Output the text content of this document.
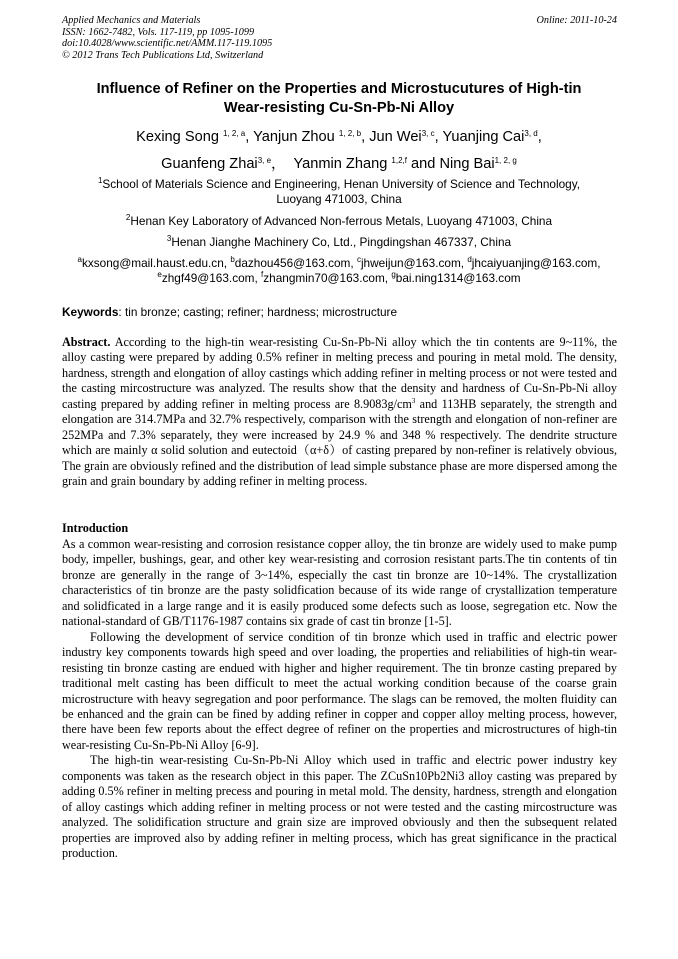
Applied Mechanics and Materials
ISSN: 1662-7482, Vols. 117-119, pp 1095-1099
doi:10.4028/www.scientific.net/AMM.117-119.1095
© 2012 Trans Tech Publications Ltd, Switzerland
Online: 2011-10-24
Influence of Refiner on the Properties and Microstucutures of High-tin
Wear-resisting Cu-Sn-Pb-Ni Alloy
Kexing Song $^{1, 2, a}$, Yanjun Zhou $^{1, 2, b}$, Jun Wei$^{3, c}$, Yuanjing Cai$^{3, d}$,
Guanfeng Zhai$^{3, e}$，  Yanmin Zhang $^{1,2,f}$ and Ning Bai$^{1, 2, g}$
$^1$School of Materials Science and Engineering, Henan University of Science and Technology,
Luoyang 471003, China
$^2$Henan Key Laboratory of Advanced Non-ferrous Metals, Luoyang 471003, China
$^3$Henan Jianghe Machinery Co, Ltd., Pingdingshan 467337, China
$^a$kxsong@mail.haust.edu.cn, $^b$dazhou456@163.com, $^c$jhweijun@163.com, $^d$jhcaiyuanjing@163.com,
$^e$zhgf49@163.com, $^f$zhangmin70@163.com, $^g$bai.ning1314@163.com
Keywords: tin bronze; casting; refiner; hardness; microstructure
Abstract. According to the high-tin wear-resisting Cu-Sn-Pb-Ni alloy which the tin contents are 9~11%, the alloy casting were prepared by adding 0.5% refiner in melting precess and pouring in metal mold. The density, hardness, strength and elongation of alloy castings which adding refiner in melting process or not were tested and the casting mircostructure was analyzed. The results show that the density and hardness of Cu-Sn-Pb-Ni alloy casting prepared by adding refiner in melting process are $8.9083g/cm^3$ and 113HB separately, the strength and elongation are 314.7MPa and 32.7% respectively, comparison with the strength and elongation of non-refiner are 252MPa and 7.3% separately, they were increased by 24.9 % and 348 % respectively. The dendrite structure which are mainly α solid solution and eutectoid（α+δ）of casting prepared by non-refiner is relatively obvious, The grain are obviously refined and the distribution of lead simple substance phase are more dispersed among the grain and grain boundary by adding refiner in melting process.
Introduction

As a common wear-resisting and corrosion resistance copper alloy, the tin bronze are widely used to make pump body, impeller, bushings, gear, and other key wear-resisting and corrosion resistant parts.The tin contents of tin bronze are generally in the range of 3~14%, especially the cast tin bronze are 10~14%. The crystallization characteristics of tin bronze are the pasty solidfication because of its wide range of crystallization temperature and solidficated in a large range and it is easily produced some defects such as loose, segregation etc. Now the national-standard of GB/T1176-1987 contains six grade of cast tin bronze [1-5].

Following the development of service condition of tin bronze which used in traffic and electric power industry key components towards high speed and over loading, the properties and reliabilities of high-tin wear-resisting tin bronze casting are endued with higher and higher requirement. The tin bronze casting prepared by traditional melt casting has been difficult to meet the actual working condition because of the coarse grain microstructure with heavy segregation and poor performance. The slags can be removed, the molten fluidity can be enhanced and the grain can be fined by adding refiner in copper and copper alloy melting process, however, there have been few reports about the effect degree of refiner on the properties and microstructures of high-tin wear-resisting Cu-Sn-Pb-Ni Alloy [6-9].

The high-tin wear-resisting Cu-Sn-Pb-Ni Alloy which used in traffic and electric power industry key components was taken as the research object in this paper. The ZCuSn10Pb2Ni3 alloy casting was prepared by adding 0.5% refiner in melting precess and pouring in metal mold. The density, hardness, strength and elongation of alloy castings which adding refiner in melting process or not were tested and the casting mircostructure was analyzed. The solidification structure and grain size are improved obviously and then the subsequent related properties are improved also by adding refiner in melting process, which has great significance in the practical production.
